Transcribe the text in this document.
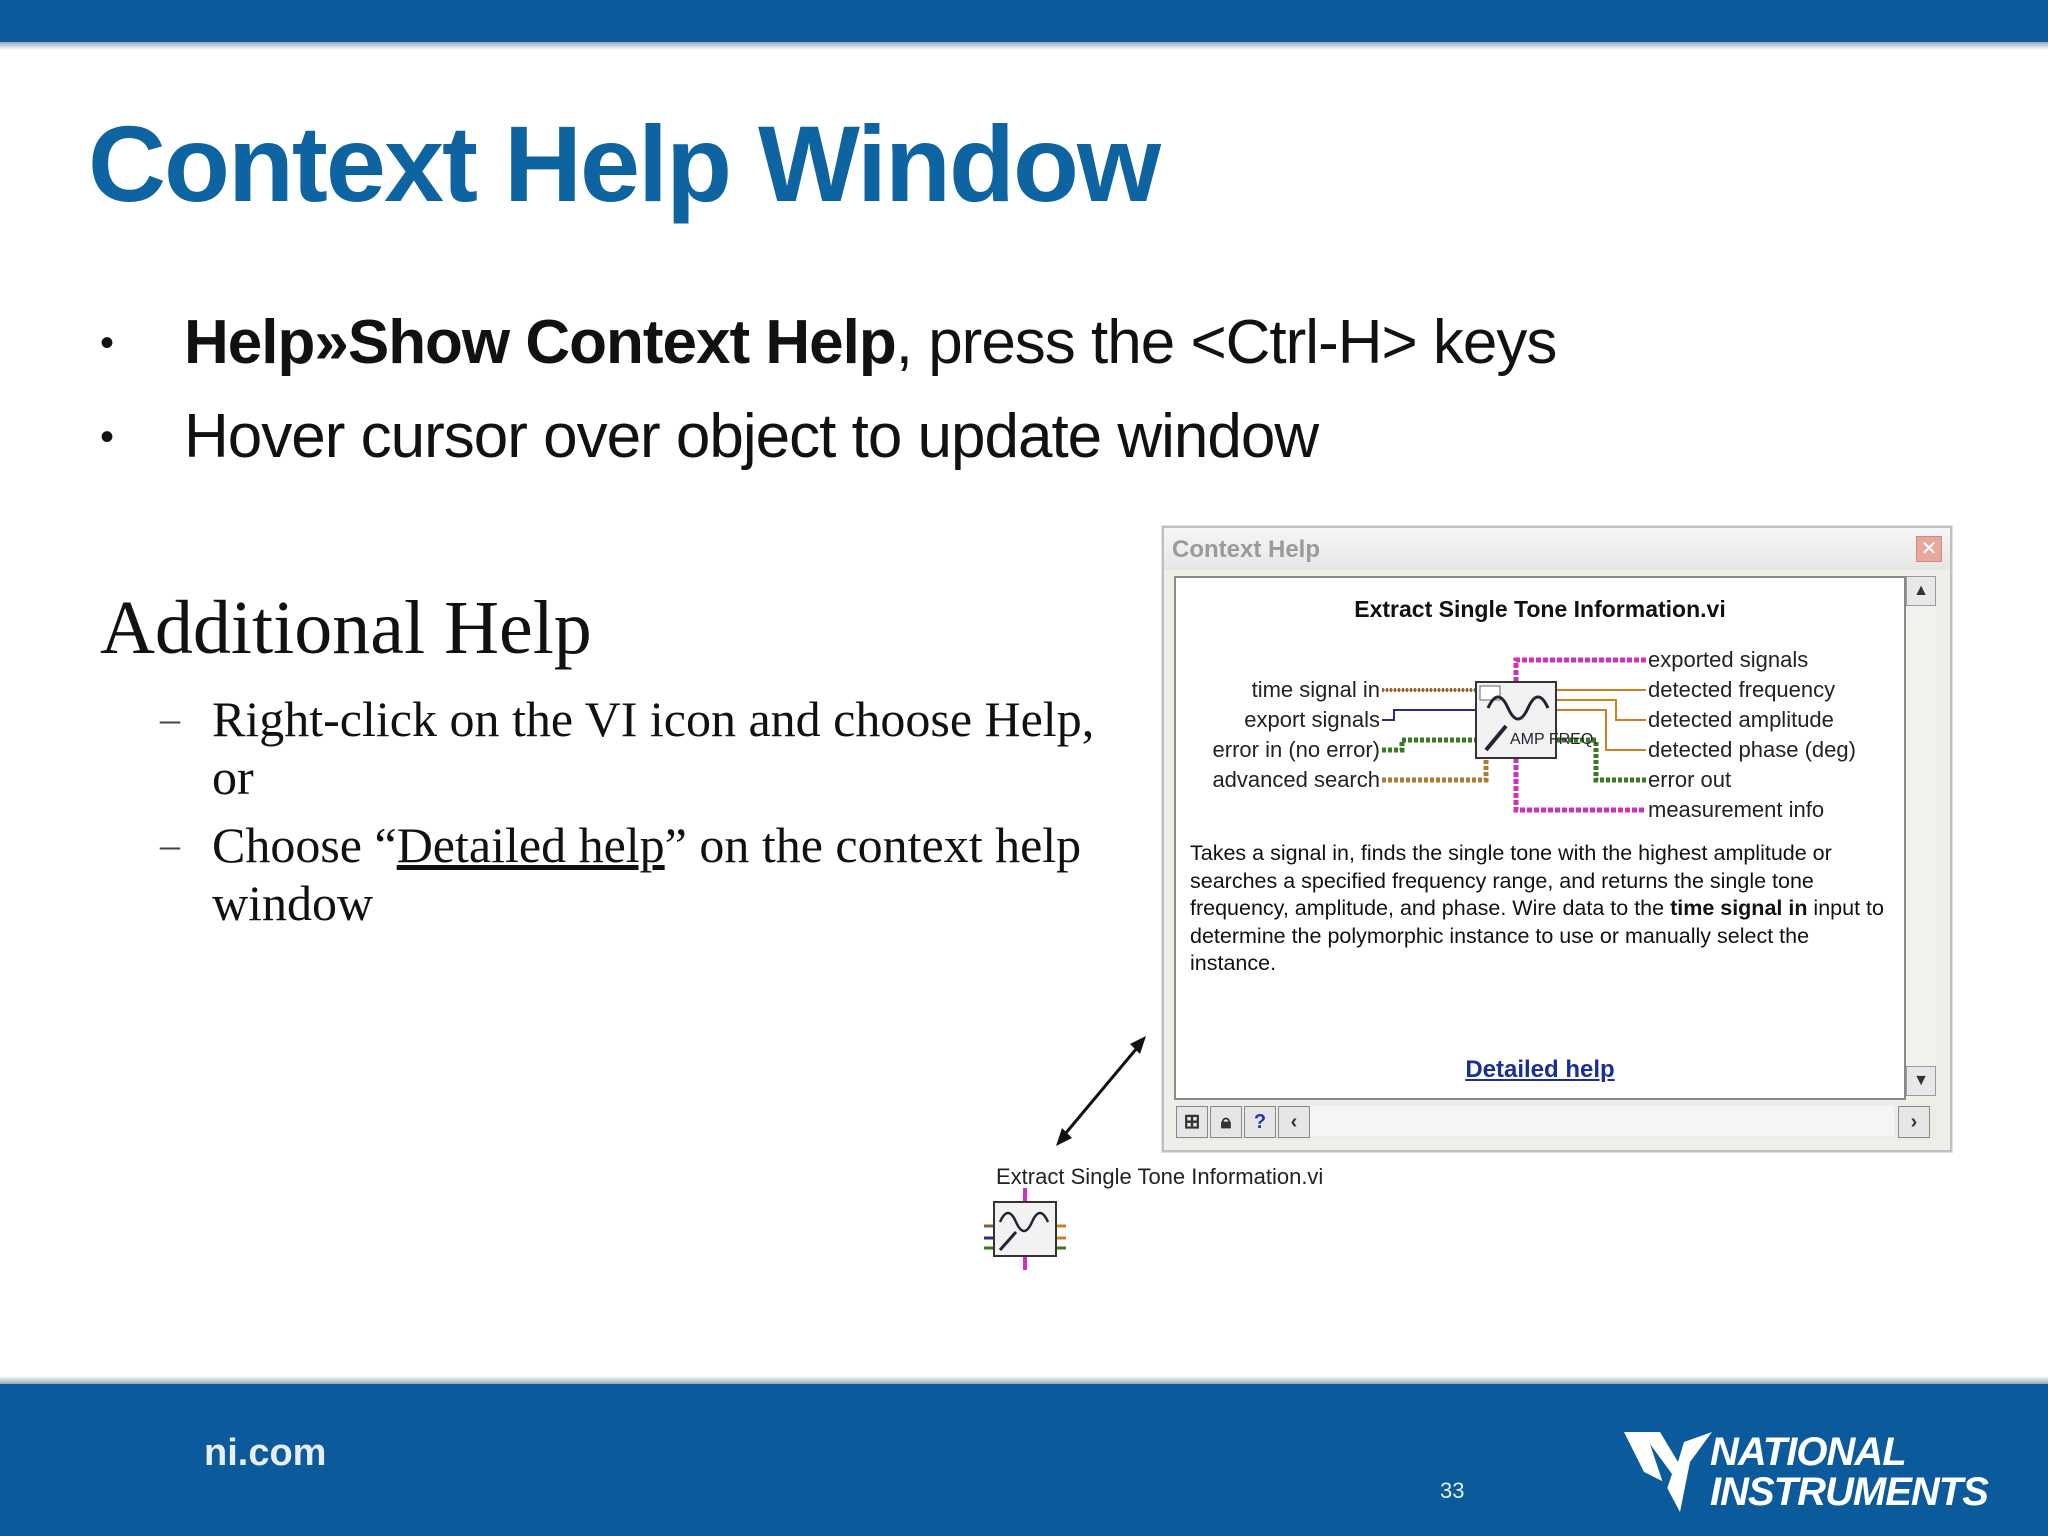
Context Help Window
• Help»Show Context Help, press the <Ctrl-H> keys
• Hover cursor over object to update window
Additional Help
– Right-click on the VI icon and choose Help, or
– Choose “Detailed help” on the context help window
Context Help	✕
Extract Single Tone Information.vi
AMP FREQ.
time signal in
export signals
error in (no error)
advanced search
exported signals
detected frequency
detected amplitude
detected phase (deg)
error out
measurement info
Takes a signal in, finds the single tone with the highest amplitude or searches a specified frequency range, and returns the single tone frequency, amplitude, and phase. Wire data to the time signal in input to determine the polymorphic instance to use or manually select the instance.
Detailed help
▲
▼
⊞	🔒︎	?	‹	›
Extract Single Tone Information.vi
ni.com
33
NATIONAL
INSTRUMENTS
